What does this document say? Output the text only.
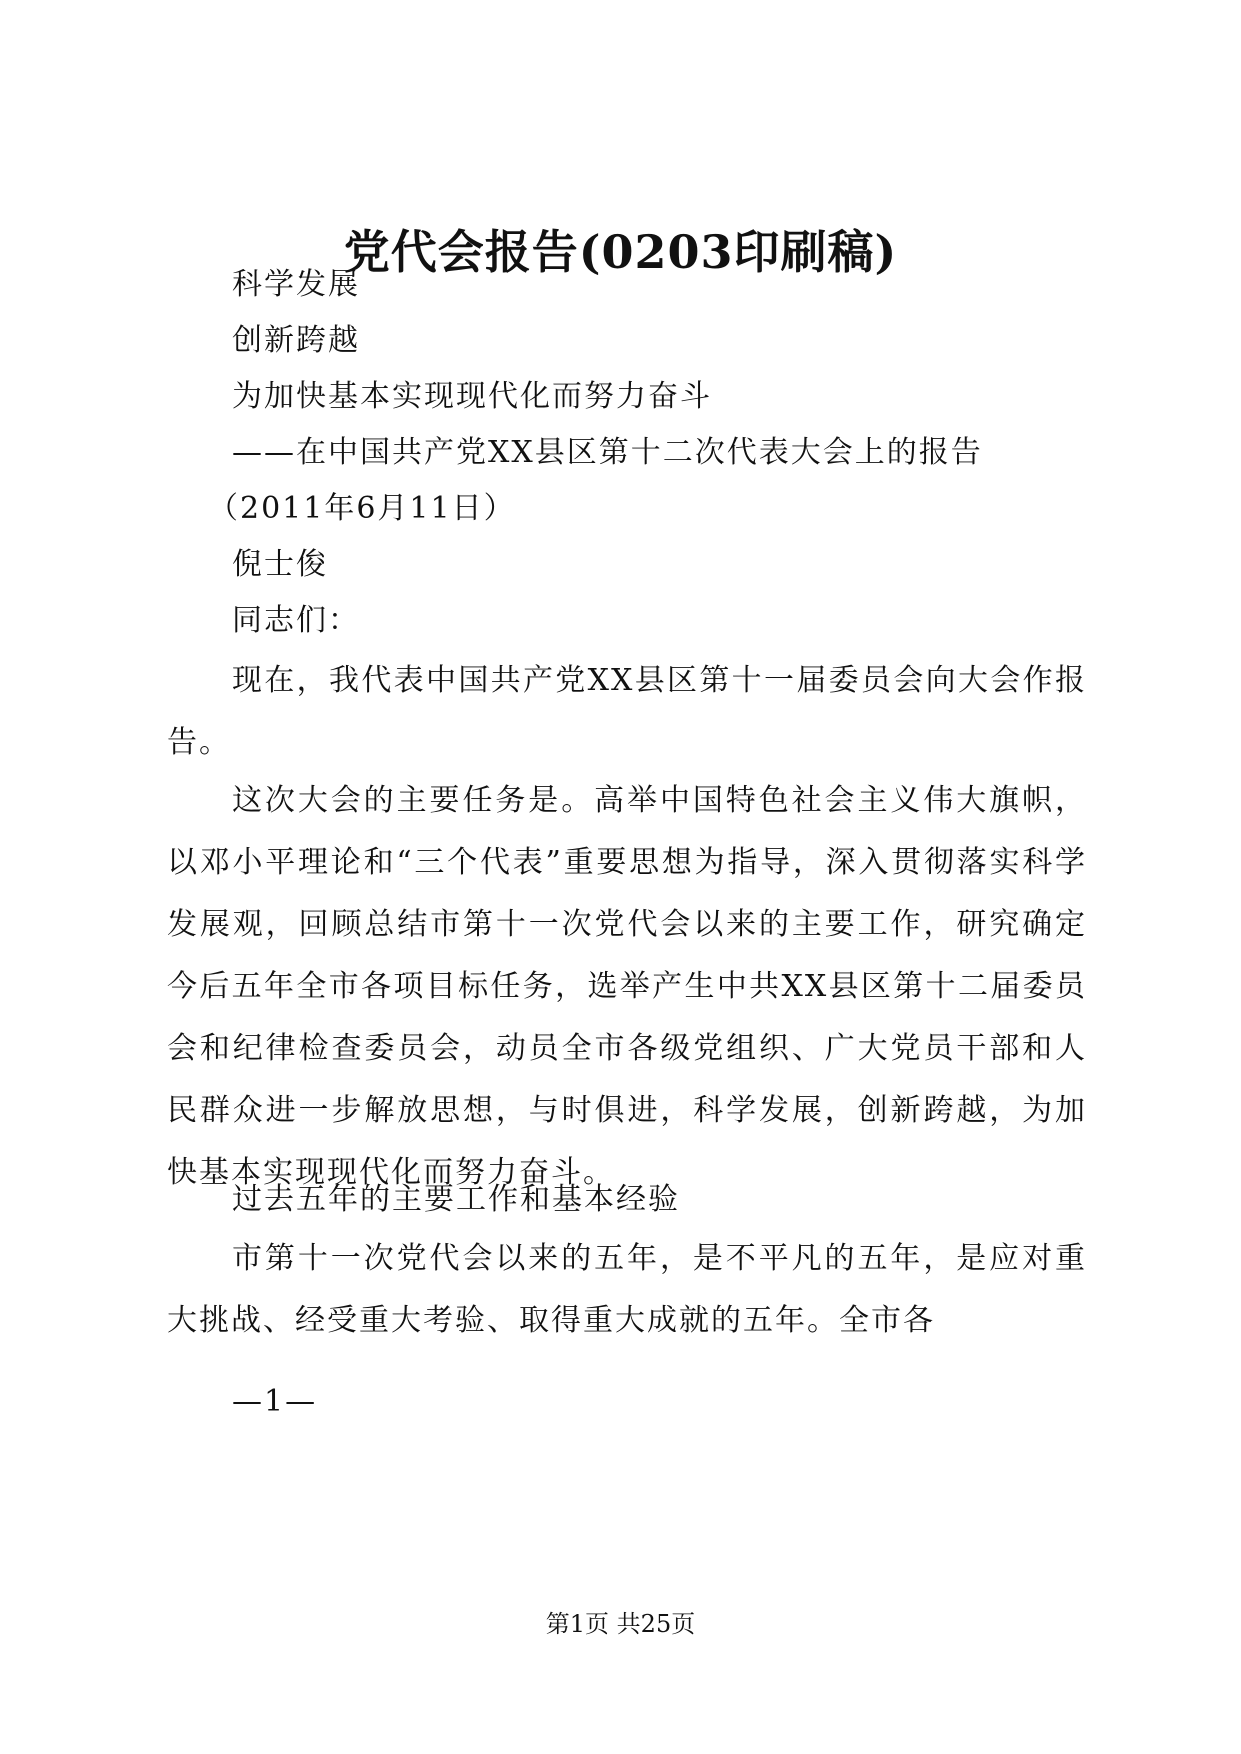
党代会报告(0203印刷稿)
科学发展
创新跨越
为加快基本实现现代化而努力奋斗
——在中国共产党XX县区第十二次代表大会上的报告
（2011年6月11日）
倪士俊
同志们：
现在，我代表中国共产党XX县区第十一届委员会向大会作报告。
这次大会的主要任务是。高举中国特色社会主义伟大旗帜，以邓小平理论和“三个代表”重要思想为指导，深入贯彻落实科学发展观，回顾总结市第十一次党代会以来的主要工作，研究确定今后五年全市各项目标任务，选举产生中共XX县区第十二届委员会和纪律检查委员会，动员全市各级党组织、广大党员干部和人民群众进一步解放思想，与时俱进，科学发展，创新跨越，为加快基本实现现代化而努力奋斗。
过去五年的主要工作和基本经验
市第十一次党代会以来的五年，是不平凡的五年，是应对重大挑战、经受重大考验、取得重大成就的五年。全市各
—1—
第1页 共25页
